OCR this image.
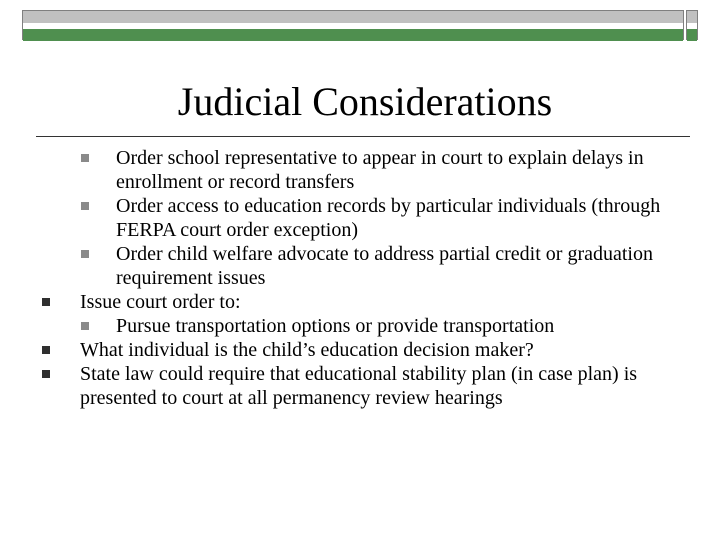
Judicial Considerations
Order school representative to appear in court to explain delays in enrollment or record transfers
Order access to education records by particular individuals (through FERPA court order exception)
Order child welfare advocate to address partial credit or graduation requirement issues
Issue court order to:
Pursue transportation options or provide transportation
What individual is the child’s education decision maker?
State law could require that educational stability plan (in case plan) is presented to court at all permanency review hearings
